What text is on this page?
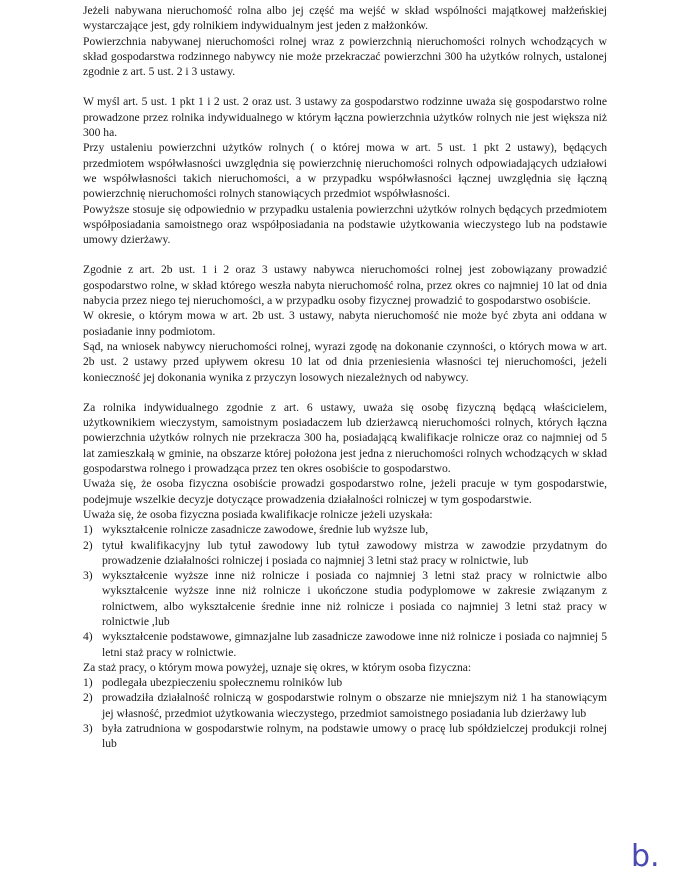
Jeżeli nabywana nieruchomość rolna albo jej część ma wejść w skład wspólności majątkowej małżeńskiej wystarczające jest, gdy rolnikiem indywidualnym jest jeden z małżonków.

Powierzchnia nabywanej nieruchomości rolnej wraz z powierzchnią nieruchomości rolnych wchodzących w skład gospodarstwa rodzinnego nabywcy nie może przekraczać powierzchni 300 ha użytków rolnych, ustalonej zgodnie z art. 5 ust. 2 i 3 ustawy.

W myśl art. 5 ust. 1 pkt 1 i 2 ust. 2 oraz ust. 3 ustawy za gospodarstwo rodzinne uważa się gospodarstwo rolne prowadzone przez rolnika indywidualnego w którym łączna powierzchnia użytków rolnych nie jest większa niż 300 ha.

Przy ustaleniu powierzchni użytków rolnych ( o której mowa w art. 5 ust. 1 pkt 2 ustawy), będących przedmiotem współwłasności uwzględnia się powierzchnię nieruchomości rolnych odpowiadających udziałowi we współwłasności takich nieruchomości, a w przypadku współwłasności łącznej uwzględnia się łączną powierzchnię nieruchomości rolnych stanowiących przedmiot współwłasności.

Powyższe stosuje się odpowiednio w przypadku ustalenia powierzchni użytków rolnych będących przedmiotem współposiadania samoistnego oraz współposiadania na podstawie użytkowania wieczystego lub na podstawie umowy dzierżawy.

Zgodnie z art. 2b ust. 1 i 2 oraz 3 ustawy nabywca nieruchomości rolnej jest zobowiązany prowadzić gospodarstwo rolne, w skład którego weszła nabyta nieruchomość rolna, przez okres co najmniej 10 lat od dnia nabycia przez niego tej nieruchomości, a w przypadku osoby fizycznej prowadzić to gospodarstwo osobiście.

W okresie, o którym mowa w art. 2b ust. 3 ustawy, nabyta nieruchomość nie może być zbyta ani oddana w posiadanie inny podmiotom.

Sąd, na wniosek nabywcy nieruchomości rolnej, wyrazi zgodę na dokonanie czynności, o których mowa w art. 2b ust. 2 ustawy przed upływem okresu 10 lat od dnia przeniesienia własności tej nieruchomości, jeżeli konieczność jej dokonania wynika z przyczyn losowych niezależnych od nabywcy.

Za rolnika indywidualnego zgodnie z art. 6 ustawy, uważa się osobę fizyczną będącą właścicielem, użytkownikiem wieczystym, samoistnym posiadaczem lub dzierżawcą nieruchomości rolnych, których łączna powierzchnia użytków rolnych nie przekracza 300 ha, posiadającą kwalifikacje rolnicze oraz co najmniej od 5 lat zamieszkałą w gminie, na obszarze której położona jest jedna z nieruchomości rolnych wchodzących w skład gospodarstwa rolnego i prowadząca przez ten okres osobiście to gospodarstwo.

Uważa się, że osoba fizyczna osobiście prowadzi gospodarstwo rolne, jeżeli pracuje w tym gospodarstwie, podejmuje wszelkie decyzje dotyczące prowadzenia działalności rolniczej w tym gospodarstwie.

Uważa się, że osoba fizyczna posiada kwalifikacje rolnicze jeżeli uzyskała:

1) wykształcenie rolnicze zasadnicze zawodowe, średnie lub wyższe lub,
2) tytuł kwalifikacyjny lub tytuł zawodowy lub tytuł zawodowy mistrza w zawodzie przydatnym do prowadzenie działalności rolniczej i posiada co najmniej 3 letni staż pracy w rolnictwie, lub
3) wykształcenie wyższe inne niż rolnicze i posiada co najmniej 3 letni staż pracy w rolnictwie albo wykształcenie wyższe inne niż rolnicze i ukończone studia podyplomowe w zakresie związanym z rolnictwem, albo wykształcenie średnie inne niż rolnicze i posiada co najmniej 3 letni staż pracy w rolnictwie ,lub
4) wykształcenie podstawowe, gimnazjalne lub zasadnicze zawodowe inne niż rolnicze i posiada co najmniej 5 letni staż pracy w rolnictwie.

Za staż pracy, o którym mowa powyżej, uznaje się okres, w którym osoba fizyczna:

1) podlegała ubezpieczeniu społecznemu rolników lub
2) prowadziła działalność rolniczą w gospodarstwie rolnym o obszarze nie mniejszym niż 1 ha stanowiącym jej własność, przedmiot użytkowania wieczystego, przedmiot samoistnego posiadania lub dzierżawy lub
3) była zatrudniona w gospodarstwie rolnym, na podstawie umowy o pracę lub spółdzielczej produkcji rolnej lub
b.
